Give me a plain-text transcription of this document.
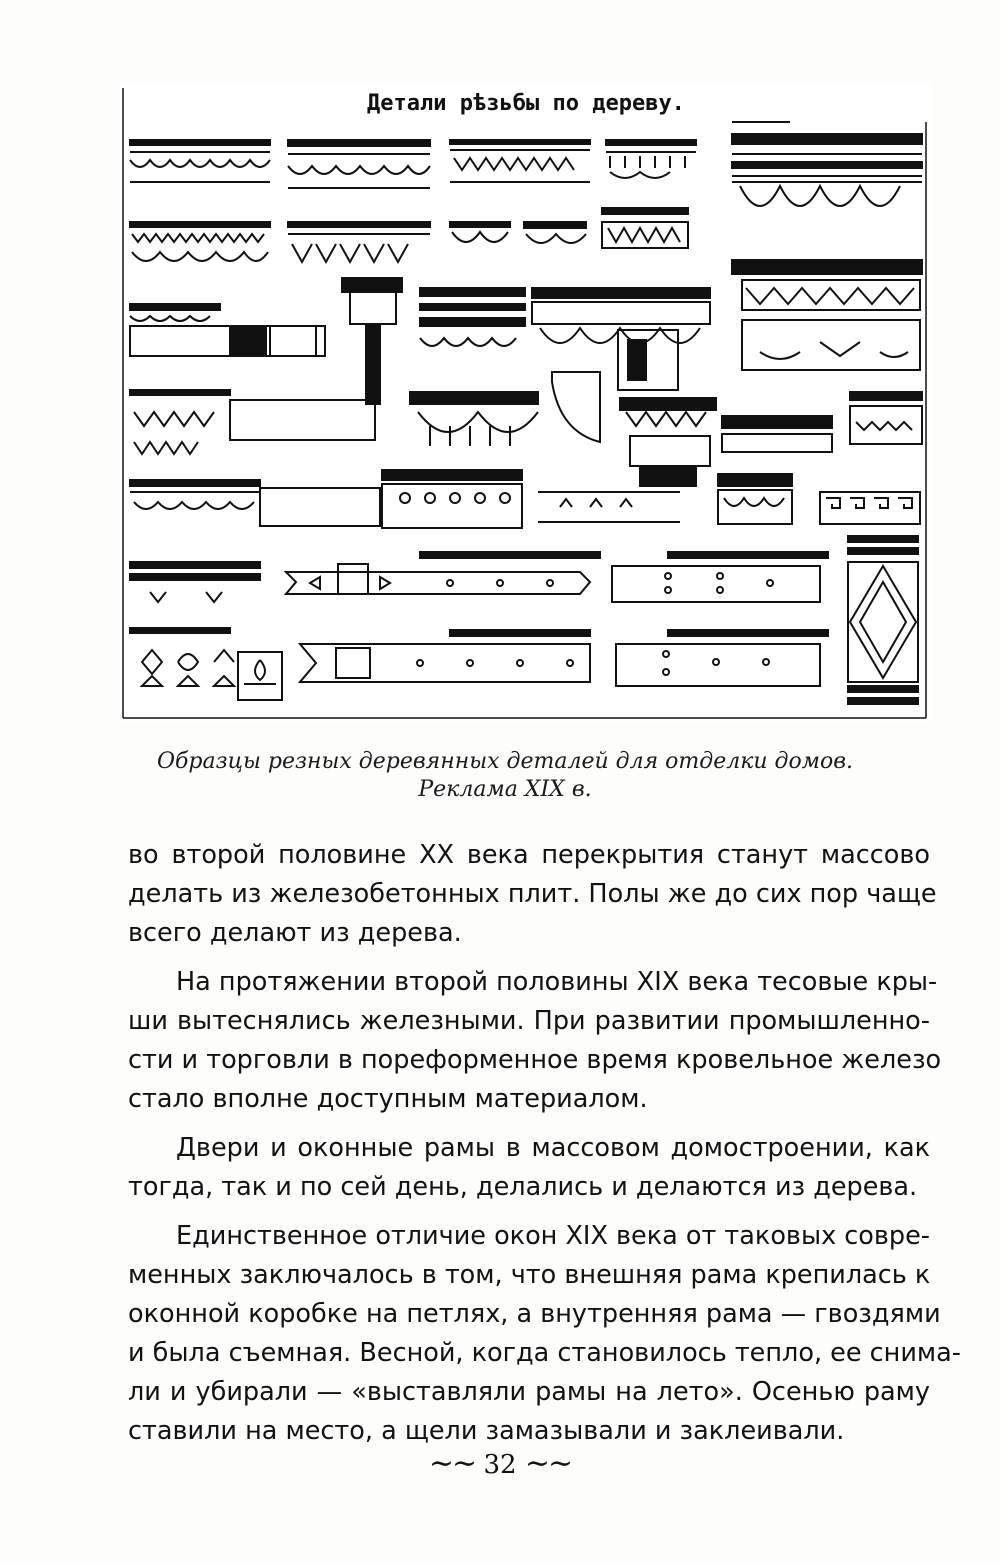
Детали рѣзьбы по дереву.
Образцы резных деревянных деталей для отделки домов.
Реклама XIX в.
во второй половине XX века перекрытия станут массово
делать из железобетонных плит. Полы же до сих пор чаще
всего делают из дерева.
На протяжении второй половины XIX века тесовые кры-
ши вытеснялись железными. При развитии промышленно-
сти и торговли в пореформенное время кровельное железо
стало вполне доступным материалом.
Двери и оконные рамы в массовом домостроении, как
тогда, так и по сей день, делались и делаются из дерева.
Единственное отличие окон XIX века от таковых совре-
менных заключалось в том, что внешняя рама крепилась к
оконной коробке на петлях, а внутренняя рама — гвоздями
и была съемная. Весной, когда становилось тепло, ее снима-
ли и убирали — «выставляли рамы на лето». Осенью раму
ставили на место, а щели замазывали и заклеивали.
∼∼ 32 ∼∼
